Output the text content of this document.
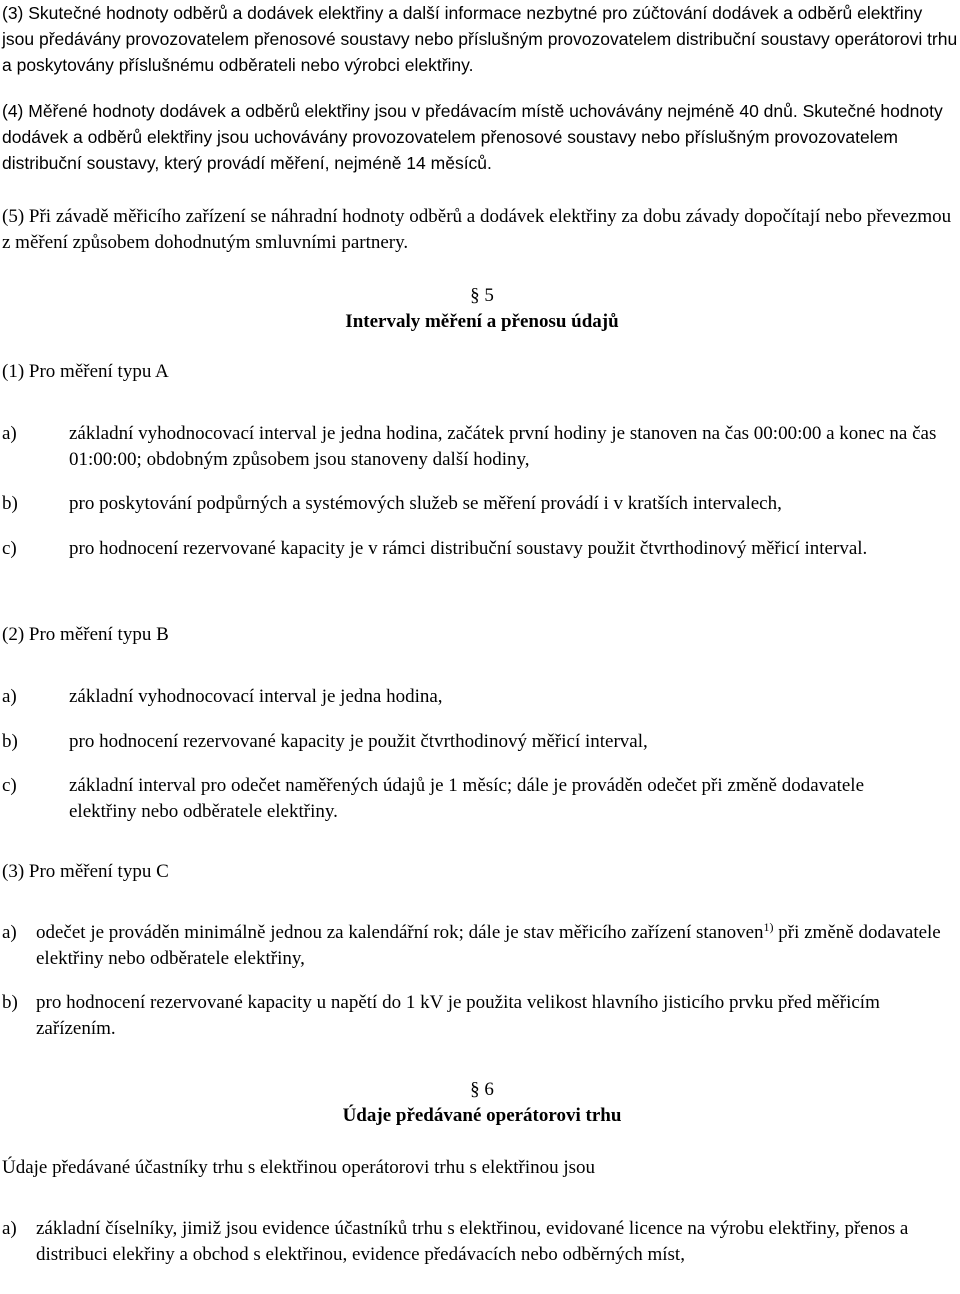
(3) Skutečné hodnoty odběrů a dodávek elektřiny a další informace nezbytné pro zúčtování dodávek a odběrů elektřiny jsou předávány provozovatelem přenosové soustavy nebo příslušným provozovatelem distribuční soustavy operátorovi trhu a poskytovány příslušnému odběrateli nebo výrobci elektřiny.

(4) Měřené hodnoty dodávek a odběrů elektřiny jsou v předávacím místě uchovávány nejméně 40 dnů. Skutečné hodnoty dodávek a odběrů elektřiny jsou uchovávány provozovatelem přenosové soustavy nebo příslušným provozovatelem distribuční soustavy, který provádí měření, nejméně 14 měsíců.

(5) Při závadě měřicího zařízení se náhradní hodnoty odběrů a dodávek elektřiny za dobu závady dopočítají nebo převezmou z měření způsobem dohodnutým smluvními partnery.

§ 5
Intervaly měření a přenosu údajů

(1) Pro měření typu A

a)	základní vyhodnocovací interval je jedna hodina, začátek první hodiny je stanoven na čas 00:00:00 a konec na čas 01:00:00; obdobným způsobem jsou stanoveny další hodiny,
b)	pro poskytování podpůrných a systémových služeb se měření provádí i v kratších intervalech,
c)	pro hodnocení rezervované kapacity je v rámci distribuční soustavy použit čtvrthodinový měřicí interval.

(2) Pro měření typu B

a)	základní vyhodnocovací interval je jedna hodina,
b)	pro hodnocení rezervované kapacity je použit čtvrthodinový měřicí interval,
c)	základní interval pro odečet naměřených údajů je 1 měsíc; dále je prováděn odečet při změně dodavatele elektřiny nebo odběratele elektřiny.

(3) Pro měření typu C

a) odečet je prováděn minimálně jednou za kalendářní rok; dále je stav měřicího zařízení stanoven$^{1)}$ při změně dodavatele elektřiny nebo odběratele elektřiny,
b) pro hodnocení rezervované kapacity u napětí do 1 kV je použita velikost hlavního jisticího prvku před měřicím zařízením.
§ 6
Údaje předávané operátorovi trhu

Údaje předávané účastníky trhu s elektřinou operátorovi trhu s elektřinou jsou

a) základní číselníky, jimiž jsou evidence účastníků trhu s elektřinou, evidované licence na výrobu elektřiny, přenos a distribuci elekřiny a obchod s elektřinou, evidence předávacích nebo odběrných míst,
